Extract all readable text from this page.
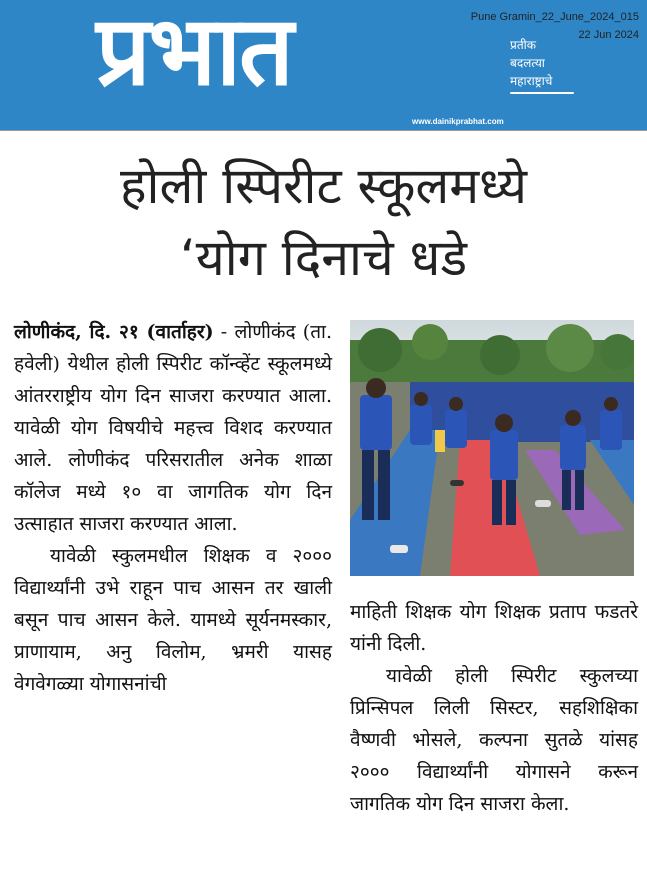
प्रभात	प्रतीक
बदलत्या
महाराष्ट्राचे
www.dainikprabhat.com
Pune Gramin_22_June_2024_015
22 Jun 2024
होली स्पिरीट स्कूलमध्ये
‘योग दिनाचे धडे

लोणीकंद, दि. २१ (वार्ताहर) - लोणीकंद (ता. हवेली) येथील होली स्पिरीट कॉन्व्हेंट स्कूलमध्ये आंतरराष्ट्रीय योग दिन साजरा करण्यात आला. यावेळी योग विषयीचे महत्त्व विशद करण्यात आले. लोणीकंद परिसरातील अनेक शाळा कॉलेज मध्ये १० वा जागतिक योग दिन उत्साहात साजरा करण्यात आला.

यावेळी स्कुलमधील शिक्षक व २००० विद्यार्थ्यांनी उभे राहून पाच आसन तर खाली बसून पाच आसन केले. यामध्ये सूर्यनमस्कार, प्राणायाम, अनु विलोम, भ्रमरी यासह वेगवेगळ्या योगासनांची

माहिती शिक्षक योग शिक्षक प्रताप फडतरे यांनी दिली.

यावेळी होली स्पिरीट स्कुलच्या प्रिन्सिपल लिली सिस्टर, सहशिक्षिका वैष्णवी भोसले, कल्पना सुतळे यांसह २००० विद्यार्थ्यांनी योगासने करून जागतिक योग दिन साजरा केला.
